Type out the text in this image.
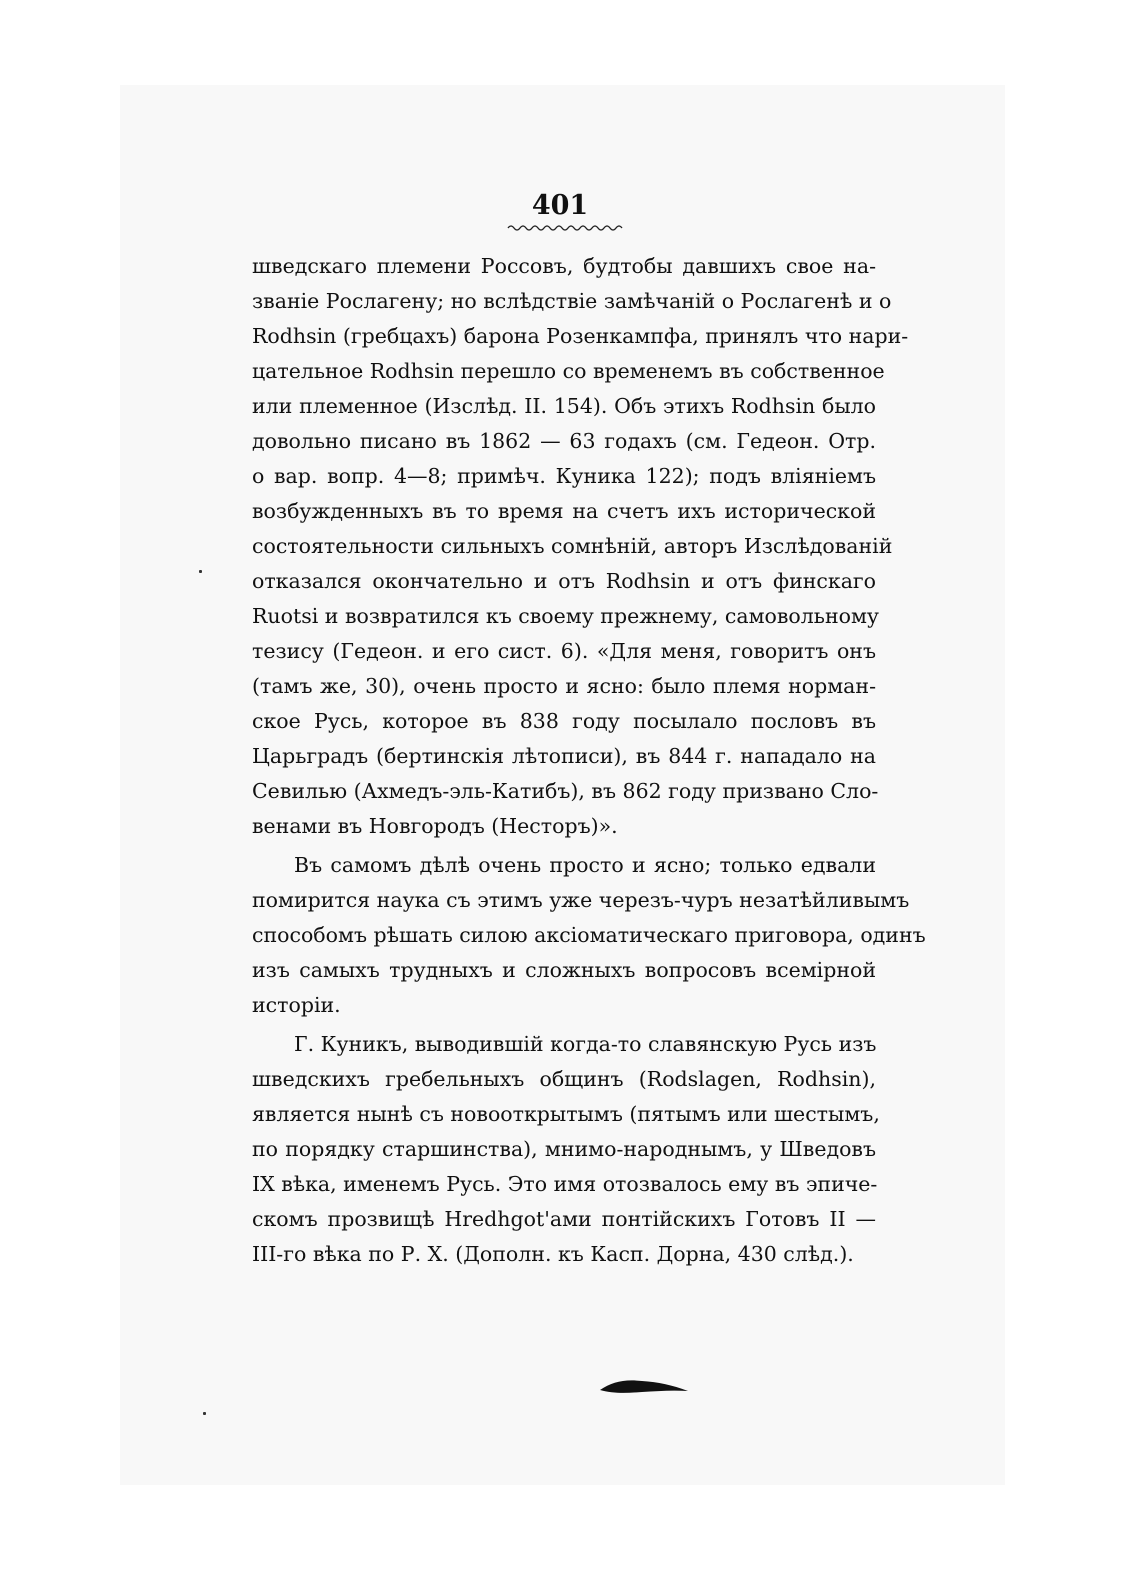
401
шведскаго племени Россовъ, будтобы давшихъ свое на-
званіе Рослагену; но вслѣдствіе замѣчаній о Рослагенѣ и о
Rodhsin (гребцахъ) барона Розенкампфа, принялъ что нари-
цательное Rodhsin перешло со временемъ въ собственное
или племенное (Изслѣд. II. 154). Объ этихъ Rodhsin было
довольно писано въ 1862 — 63 годахъ (см. Гедеон. Отр.
о вар. вопр. 4—8; примѣч. Куника 122); подъ вліяніемъ
возбужденныхъ въ то время на счетъ ихъ исторической
состоятельности сильныхъ сомнѣній, авторъ Изслѣдованій
отказался окончательно и отъ Rodhsin и отъ финскаго
Ruotsi и возвратился къ своему прежнему, самовольному
тезису (Гедеон. и его сист. 6). «Для меня, говоритъ онъ
(тамъ же, 30), очень просто и ясно: было племя норман-
ское Русь, которое въ 838 году посылало пословъ въ
Царьградъ (бертинскія лѣтописи), въ 844 г. нападало на
Севилью (Ахмедъ-эль-Катибъ), въ 862 году призвано Сло-
венами въ Новгородъ (Несторъ)».
Въ самомъ дѣлѣ очень просто и ясно; только едвали
помирится наука съ этимъ уже черезъ-чуръ незатѣйливымъ
способомъ рѣшать силою аксіоматическаго приговора, одинъ
изъ самыхъ трудныхъ и сложныхъ вопросовъ всемірной
исторіи.
Г. Куникъ, выводившій когда-то славянскую Русь изъ
шведскихъ гребельныхъ общинъ (Rodslagen, Rodhsin),
является нынѣ съ новооткрытымъ (пятымъ или шестымъ,
по порядку старшинства), мнимо-народнымъ, у Шведовъ
IX вѣка, именемъ Русь. Это имя отозвалось ему въ эпиче-
скомъ прозвищѣ Hredhgot'ами понтійскихъ Готовъ II —
III-го вѣка по Р. Х. (Дополн. къ Касп. Дорна, 430 слѣд.).
